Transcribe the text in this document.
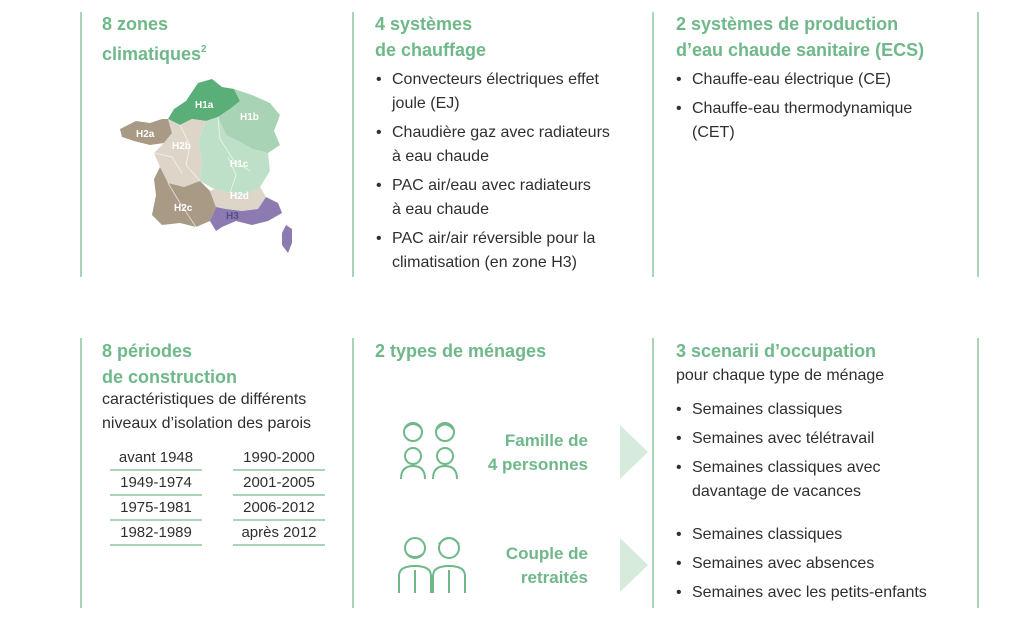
8 zones
climatiques$^2$
H1a
H1b
H1c
H2a
H2b
H2c
H2d
H3
4 systèmes
de chauffage
• Convecteurs électriques effet
joule (EJ)
• Chaudière gaz avec radiateurs
à eau chaude
• PAC air/eau avec radiateurs
à eau chaude
• PAC air/air réversible pour la
climatisation (en zone H3)
2 systèmes de production
d’eau chaude sanitaire (ECS)
• Chauffe-eau électrique (CE)
• Chauffe-eau thermodynamique
(CET)
8 périodes
de construction
caractéristiques de différents
niveaux d’isolation des parois
avant 1948	1990-2000
1949-1974	2001-2005
1975-1981	2006-2012
1982-1989	après 2012
2 types de ménages
Famille de
4 personnes
Couple de
retraités
3 scenarii d’occupation
pour chaque type de ménage
• Semaines classiques
• Semaines avec télétravail
• Semaines classiques avec
davantage de vacances
• Semaines classiques
• Semaines avec absences
• Semaines avec les petits-enfants
